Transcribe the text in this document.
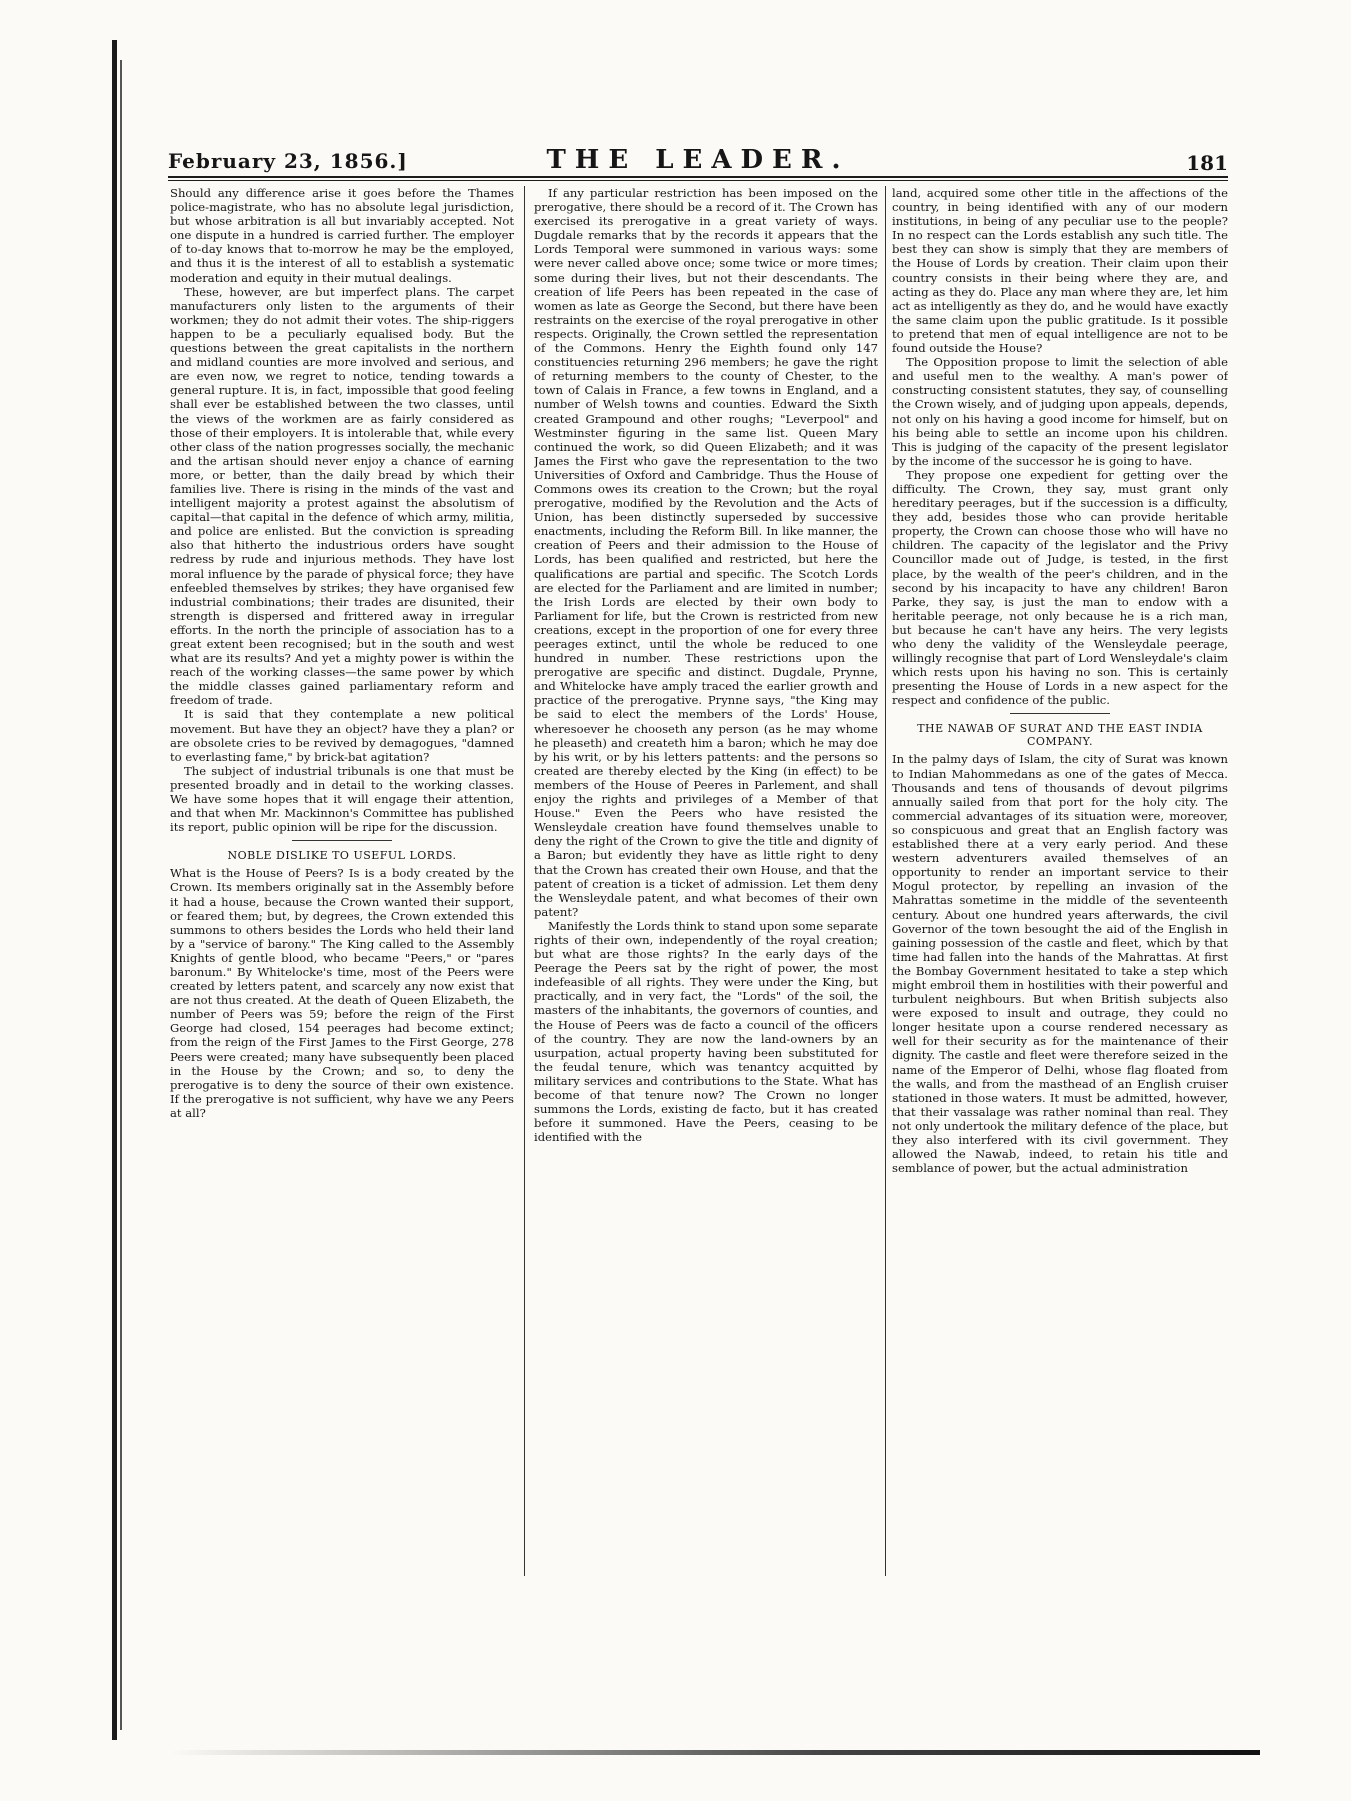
February 23, 1856.]	THE LEADER.	181

Should any difference arise it goes before the Thames police-magistrate, who has no absolute legal jurisdiction, but whose arbitration is all but invariably accepted. Not one dispute in a hundred is carried further. The employer of to-day knows that to-morrow he may be the employed, and thus it is the interest of all to establish a systematic moderation and equity in their mutual dealings.

These, however, are but imperfect plans. The carpet manufacturers only listen to the arguments of their workmen; they do not admit their votes. The ship-riggers happen to be a peculiarly equalised body. But the questions between the great capitalists in the northern and midland counties are more involved and serious, and are even now, we regret to notice, tending towards a general rupture. It is, in fact, impossible that good feeling shall ever be established between the two classes, until the views of the workmen are as fairly considered as those of their employers. It is intolerable that, while every other class of the nation progresses socially, the mechanic and the artisan should never enjoy a chance of earning more, or better, than the daily bread by which their families live. There is rising in the minds of the vast and intelligent majority a protest against the absolutism of capital—that capital in the defence of which army, militia, and police are enlisted. But the conviction is spreading also that hitherto the industrious orders have sought redress by rude and injurious methods. They have lost moral influence by the parade of physical force; they have enfeebled themselves by strikes; they have organised few industrial combinations; their trades are disunited, their strength is dispersed and frittered away in irregular efforts. In the north the principle of association has to a great extent been recognised; but in the south and west what are its results? And yet a mighty power is within the reach of the working classes—the same power by which the middle classes gained parliamentary reform and freedom of trade.

It is said that they contemplate a new political movement. But have they an object? have they a plan? or are obsolete cries to be revived by demagogues, "damned to everlasting fame," by brick-bat agitation?

The subject of industrial tribunals is one that must be presented broadly and in detail to the working classes. We have some hopes that it will engage their attention, and that when Mr. Mackinnon's Committee has published its report, public opinion will be ripe for the discussion.

NOBLE DISLIKE TO USEFUL LORDS.

What is the House of Peers? Is is a body created by the Crown. Its members originally sat in the Assembly before it had a house, because the Crown wanted their support, or feared them; but, by degrees, the Crown extended this summons to others besides the Lords who held their land by a "service of barony." The King called to the Assembly Knights of gentle blood, who became "Peers," or "pares baronum." By Whitelocke's time, most of the Peers were created by letters patent, and scarcely any now exist that are not thus created. At the death of Queen Elizabeth, the number of Peers was 59; before the reign of the First George had closed, 154 peerages had become extinct; from the reign of the First James to the First George, 278 Peers were created; many have subsequently been placed in the House by the Crown; and so, to deny the prerogative is to deny the source of their own existence. If the prerogative is not sufficient, why have we any Peers at all?

If any particular restriction has been imposed on the prerogative, there should be a record of it. The Crown has exercised its prerogative in a great variety of ways. Dugdale remarks that by the records it appears that the Lords Temporal were summoned in various ways: some were never called above once; some twice or more times; some during their lives, but not their descendants. The creation of life Peers has been repeated in the case of women as late as George the Second, but there have been restraints on the exercise of the royal prerogative in other respects. Originally, the Crown settled the representation of the Commons. Henry the Eighth found only 147 constituencies returning 296 members; he gave the right of returning members to the county of Chester, to the town of Calais in France, a few towns in England, and a number of Welsh towns and counties. Edward the Sixth created Grampound and other roughs; "Leverpool" and Westminster figuring in the same list. Queen Mary continued the work, so did Queen Elizabeth; and it was James the First who gave the representation to the two Universities of Oxford and Cambridge. Thus the House of Commons owes its creation to the Crown; but the royal prerogative, modified by the Revolution and the Acts of Union, has been distinctly superseded by successive enactments, including the Reform Bill. In like manner, the creation of Peers and their admission to the House of Lords, has been qualified and restricted, but here the qualifications are partial and specific. The Scotch Lords are elected for the Parliament and are limited in number; the Irish Lords are elected by their own body to Parliament for life, but the Crown is restricted from new creations, except in the proportion of one for every three peerages extinct, until the whole be reduced to one hundred in number. These restrictions upon the prerogative are specific and distinct. Dugdale, Prynne, and Whitelocke have amply traced the earlier growth and practice of the prerogative. Prynne says, "the King may be said to elect the members of the Lords' House, wheresoever he chooseth any person (as he may whome he pleaseth) and createth him a baron; which he may doe by his writ, or by his letters pattents: and the persons so created are thereby elected by the King (in effect) to be members of the House of Peeres in Parlement, and shall enjoy the rights and privileges of a Member of that House." Even the Peers who have resisted the Wensleydale creation have found themselves unable to deny the right of the Crown to give the title and dignity of a Baron; but evidently they have as little right to deny that the Crown has created their own House, and that the patent of creation is a ticket of admission. Let them deny the Wensleydale patent, and what becomes of their own patent?

Manifestly the Lords think to stand upon some separate rights of their own, independently of the royal creation; but what are those rights? In the early days of the Peerage the Peers sat by the right of power, the most indefeasible of all rights. They were under the King, but practically, and in very fact, the "Lords" of the soil, the masters of the inhabitants, the governors of counties, and the House of Peers was de facto a council of the officers of the country. They are now the land-owners by an usurpation, actual property having been substituted for the feudal tenure, which was tenantcy acquitted by military services and contributions to the State. What has become of that tenure now? The Crown no longer summons the Lords, existing de facto, but it has created before it summoned. Have the Peers, ceasing to be identified with the

land, acquired some other title in the affections of the country, in being identified with any of our modern institutions, in being of any peculiar use to the people? In no respect can the Lords establish any such title. The best they can show is simply that they are members of the House of Lords by creation. Their claim upon their country consists in their being where they are, and acting as they do. Place any man where they are, let him act as intelligently as they do, and he would have exactly the same claim upon the public gratitude. Is it possible to pretend that men of equal intelligence are not to be found outside the House?

The Opposition propose to limit the selection of able and useful men to the wealthy. A man's power of constructing consistent statutes, they say, of counselling the Crown wisely, and of judging upon appeals, depends, not only on his having a good income for himself, but on his being able to settle an income upon his children. This is judging of the capacity of the present legislator by the income of the successor he is going to have.

They propose one expedient for getting over the difficulty. The Crown, they say, must grant only hereditary peerages, but if the succession is a difficulty, they add, besides those who can provide heritable property, the Crown can choose those who will have no children. The capacity of the legislator and the Privy Councillor made out of Judge, is tested, in the first place, by the wealth of the peer's children, and in the second by his incapacity to have any children! Baron Parke, they say, is just the man to endow with a heritable peerage, not only because he is a rich man, but because he can't have any heirs. The very legists who deny the validity of the Wensleydale peerage, willingly recognise that part of Lord Wensleydale's claim which rests upon his having no son. This is certainly presenting the House of Lords in a new aspect for the respect and confidence of the public.

THE NAWAB OF SURAT AND THE EAST INDIA COMPANY.

In the palmy days of Islam, the city of Surat was known to Indian Mahommedans as one of the gates of Mecca. Thousands and tens of thousands of devout pilgrims annually sailed from that port for the holy city. The commercial advantages of its situation were, moreover, so conspicuous and great that an English factory was established there at a very early period. And these western adventurers availed themselves of an opportunity to render an important service to their Mogul protector, by repelling an invasion of the Mahrattas sometime in the middle of the seventeenth century. About one hundred years afterwards, the civil Governor of the town besought the aid of the English in gaining possession of the castle and fleet, which by that time had fallen into the hands of the Mahrattas. At first the Bombay Government hesitated to take a step which might embroil them in hostilities with their powerful and turbulent neighbours. But when British subjects also were exposed to insult and outrage, they could no longer hesitate upon a course rendered necessary as well for their security as for the maintenance of their dignity. The castle and fleet were therefore seized in the name of the Emperor of Delhi, whose flag floated from the walls, and from the masthead of an English cruiser stationed in those waters. It must be admitted, however, that their vassalage was rather nominal than real. They not only undertook the military defence of the place, but they also interfered with its civil government. They allowed the Nawab, indeed, to retain his title and semblance of power, but the actual administration
